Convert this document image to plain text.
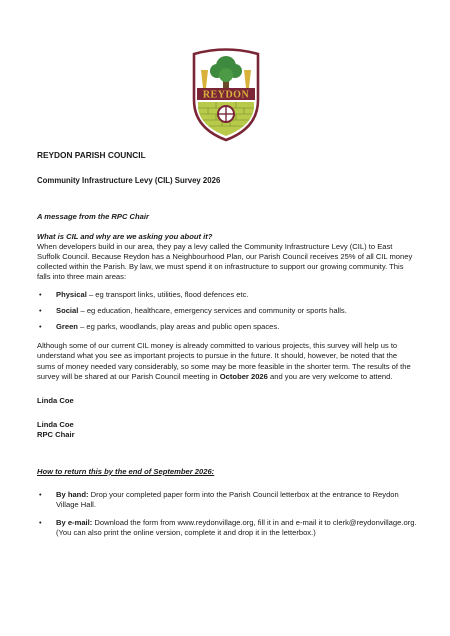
REYDON

REYDON PARISH COUNCIL

Community Infrastructure Levy (CIL) Survey 2026

A message from the RPC Chair

What is CIL and why are we asking you about it?

When developers build in our area, they pay a levy called the Community Infrastructure Levy (CIL) to East Suffolk Council. Because Reydon has a Neighbourhood Plan, our Parish Council receives 25% of all CIL money collected within the Parish. By law, we must spend it on infrastructure to support our growing community. This falls into three main areas:

• Physical – eg transport links, utilities, flood defences etc.
• Social – eg education, healthcare, emergency services and community or sports halls.
• Green – eg parks, woodlands, play areas and public open spaces.

Although some of our current CIL money is already committed to various projects, this survey will help us to understand what you see as important projects to pursue in the future. It should, however, be noted that the sums of money needed vary considerably, so some may be more feasible in the shorter term. The results of the survey will be shared at our Parish Council meeting in October 2026 and you are very welcome to attend.

Linda Coe

Linda Coe

RPC Chair

How to return this by the end of September 2026:

• By hand: Drop your completed paper form into the Parish Council letterbox at the entrance to Reydon Village Hall.
• By e-mail: Download the form from www.reydonvillage.org, fill it in and e-mail it to clerk@reydonvillage.org. (You can also print the online version, complete it and drop it in the letterbox.)
